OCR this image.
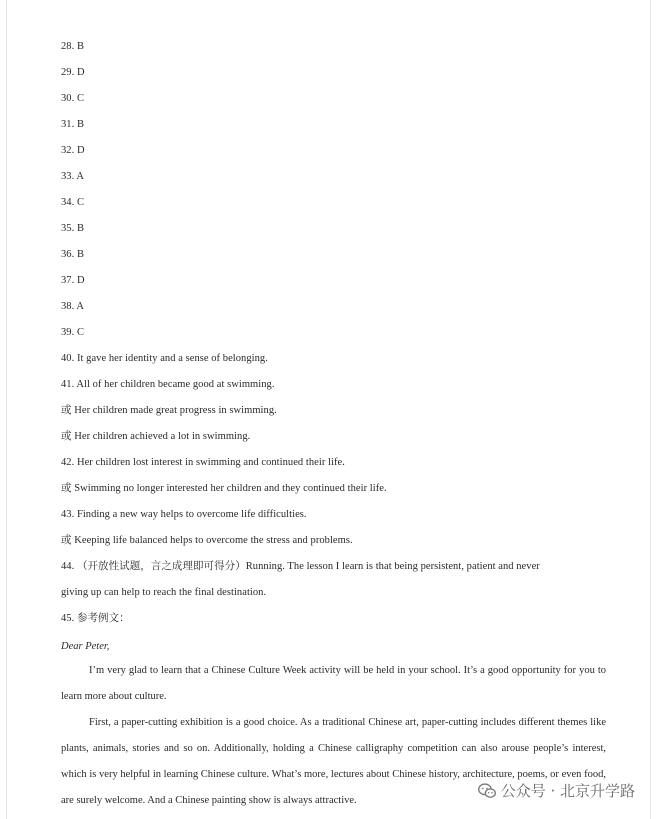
28. B
29. D
30. C
31. B
32. D
33. A
34. C
35. B
36. B
37. D
38. A
39. C
40. It gave her identity and a sense of belonging.
41. All of her children became good at swimming.
或 Her children made great progress in swimming.
或 Her children achieved a lot in swimming.
42. Her children lost interest in swimming and continued their life.
或 Swimming no longer interested her children and they continued their life.
43. Finding a new way helps to overcome life difficulties.
或 Keeping life balanced helps to overcome the stress and problems.
44. （开放性试题，言之成理即可得分）Running. The lesson I learn is that being persistent, patient and never
giving up can help to reach the final destination.
45. 参考例文：
Dear Peter,

I’m very glad to learn that a Chinese Culture Week activity will be held in your school. It’s a good opportunity for you to learn more about culture.

First, a paper-cutting exhibition is a good choice. As a traditional Chinese art, paper-cutting includes different themes like plants, animals, stories and so on. Additionally, holding a Chinese calligraphy competition can also arouse people’s interest, which is very helpful in learning Chinese culture. What’s more, lectures about Chinese history, architecture, poems, or even food, are surely welcome. And a Chinese painting show is always attractive.

公众号 · 北京升学路
